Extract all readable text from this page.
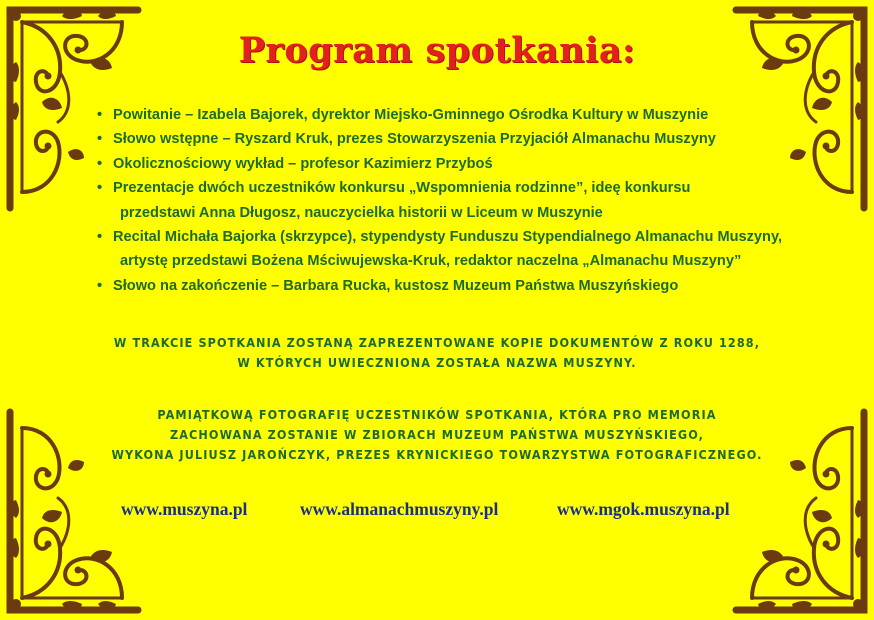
Program spotkania:
• Powitanie – Izabela Bajorek, dyrektor Miejsko-Gminnego Ośrodka Kultury w Muszynie
• Słowo wstępne – Ryszard Kruk, prezes Stowarzyszenia Przyjaciół Almanachu Muszyny
• Okolicznościowy wykład – profesor Kazimierz Przyboś
• Prezentacje dwóch uczestników konkursu „Wspomnienia rodzinne”, ideę konkursu
przedstawi Anna Długosz, nauczycielka historii w Liceum w Muszynie
• Recital Michała Bajorka (skrzypce), stypendysty Funduszu Stypendialnego Almanachu Muszyny,
artystę przedstawi Bożena Mściwujewska-Kruk, redaktor naczelna „Almanachu Muszyny”
• Słowo na zakończenie – Barbara Rucka, kustosz Muzeum Państwa Muszyńskiego
W TRAKCIE SPOTKANIA ZOSTANĄ ZAPREZENTOWANE KOPIE DOKUMENTÓW Z ROKU 1288,
W KTÓRYCH UWIECZNIONA ZOSTAŁA NAZWA MUSZYNY.
PAMIĄTKOWĄ FOTOGRAFIĘ UCZESTNIKÓW SPOTKANIA, KTÓRA PRO MEMORIA
ZACHOWANA ZOSTANIE W ZBIORACH MUZEUM PAŃSTWA MUSZYŃSKIEGO,
WYKONA JULIUSZ JAROŃCZYK, PREZES KRYNICKIEGO TOWARZYSTWA FOTOGRAFICZNEGO.
www.muszyna.pl	www.almanachmuszyny.pl	www.mgok.muszyna.pl
